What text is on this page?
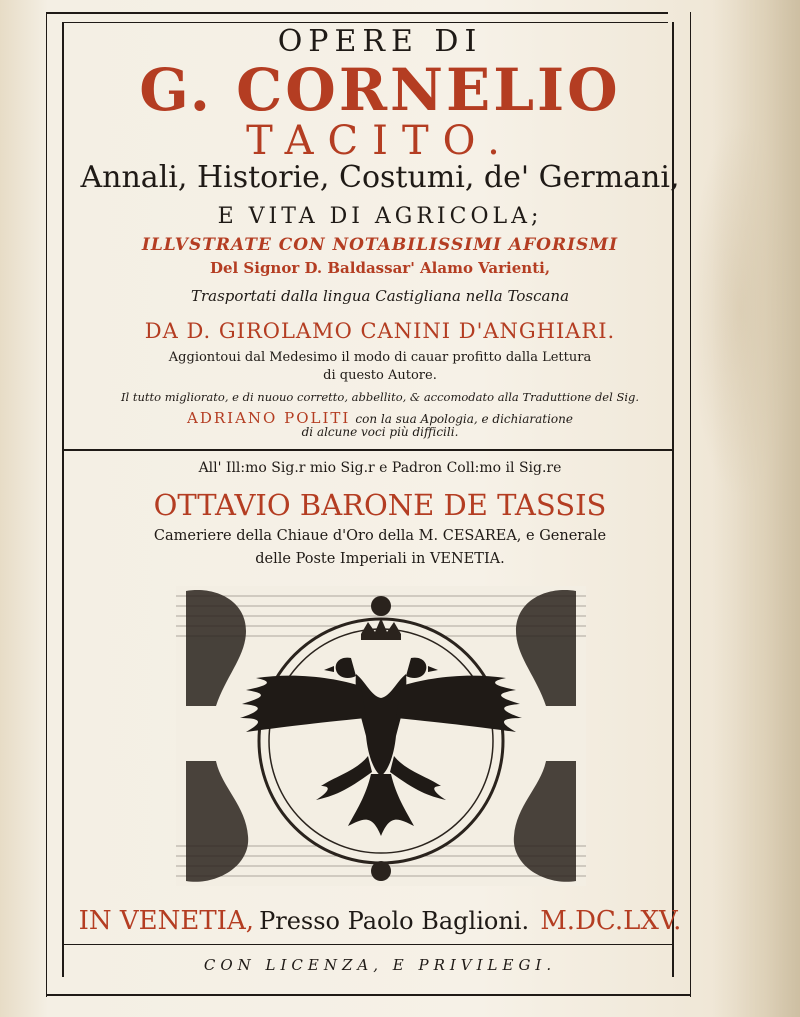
OPERE DI
G. CORNELIO
TACITO.
Annali, Historie, Costumi, de' Germani,
E VITA DI AGRICOLA;
ILLVSTRATE CON NOTABILISSIMI AFORISMI
Del Signor D. Baldassar' Alamo Varienti,
Trasportati dalla lingua Castigliana nella Toscana
DA D. GIROLAMO CANINI D'ANGHIARI.
Aggiontoui dal Medesimo il modo di cauar profitto dalla Lettura
di questo Autore.
Il tutto migliorato, e di nuouo corretto, abbellito, & accomodato alla Traduttione del Sig.
ADRIANO POLITI con la sua Apologia, e dichiaratione
di alcune voci più difficili.
All' Ill:mo Sig.r mio Sig.r e Padron Coll:mo il Sig.re
OTTAVIO BARONE DE TASSIS
Cameriere della Chiaue d'Oro della M. CESAREA, e Generale
delle Poste Imperiali in VENETIA.
IN VENETIA, Presso Paolo Baglioni. M.DC.LXV.
CON LICENZA, E PRIVILEGI.
